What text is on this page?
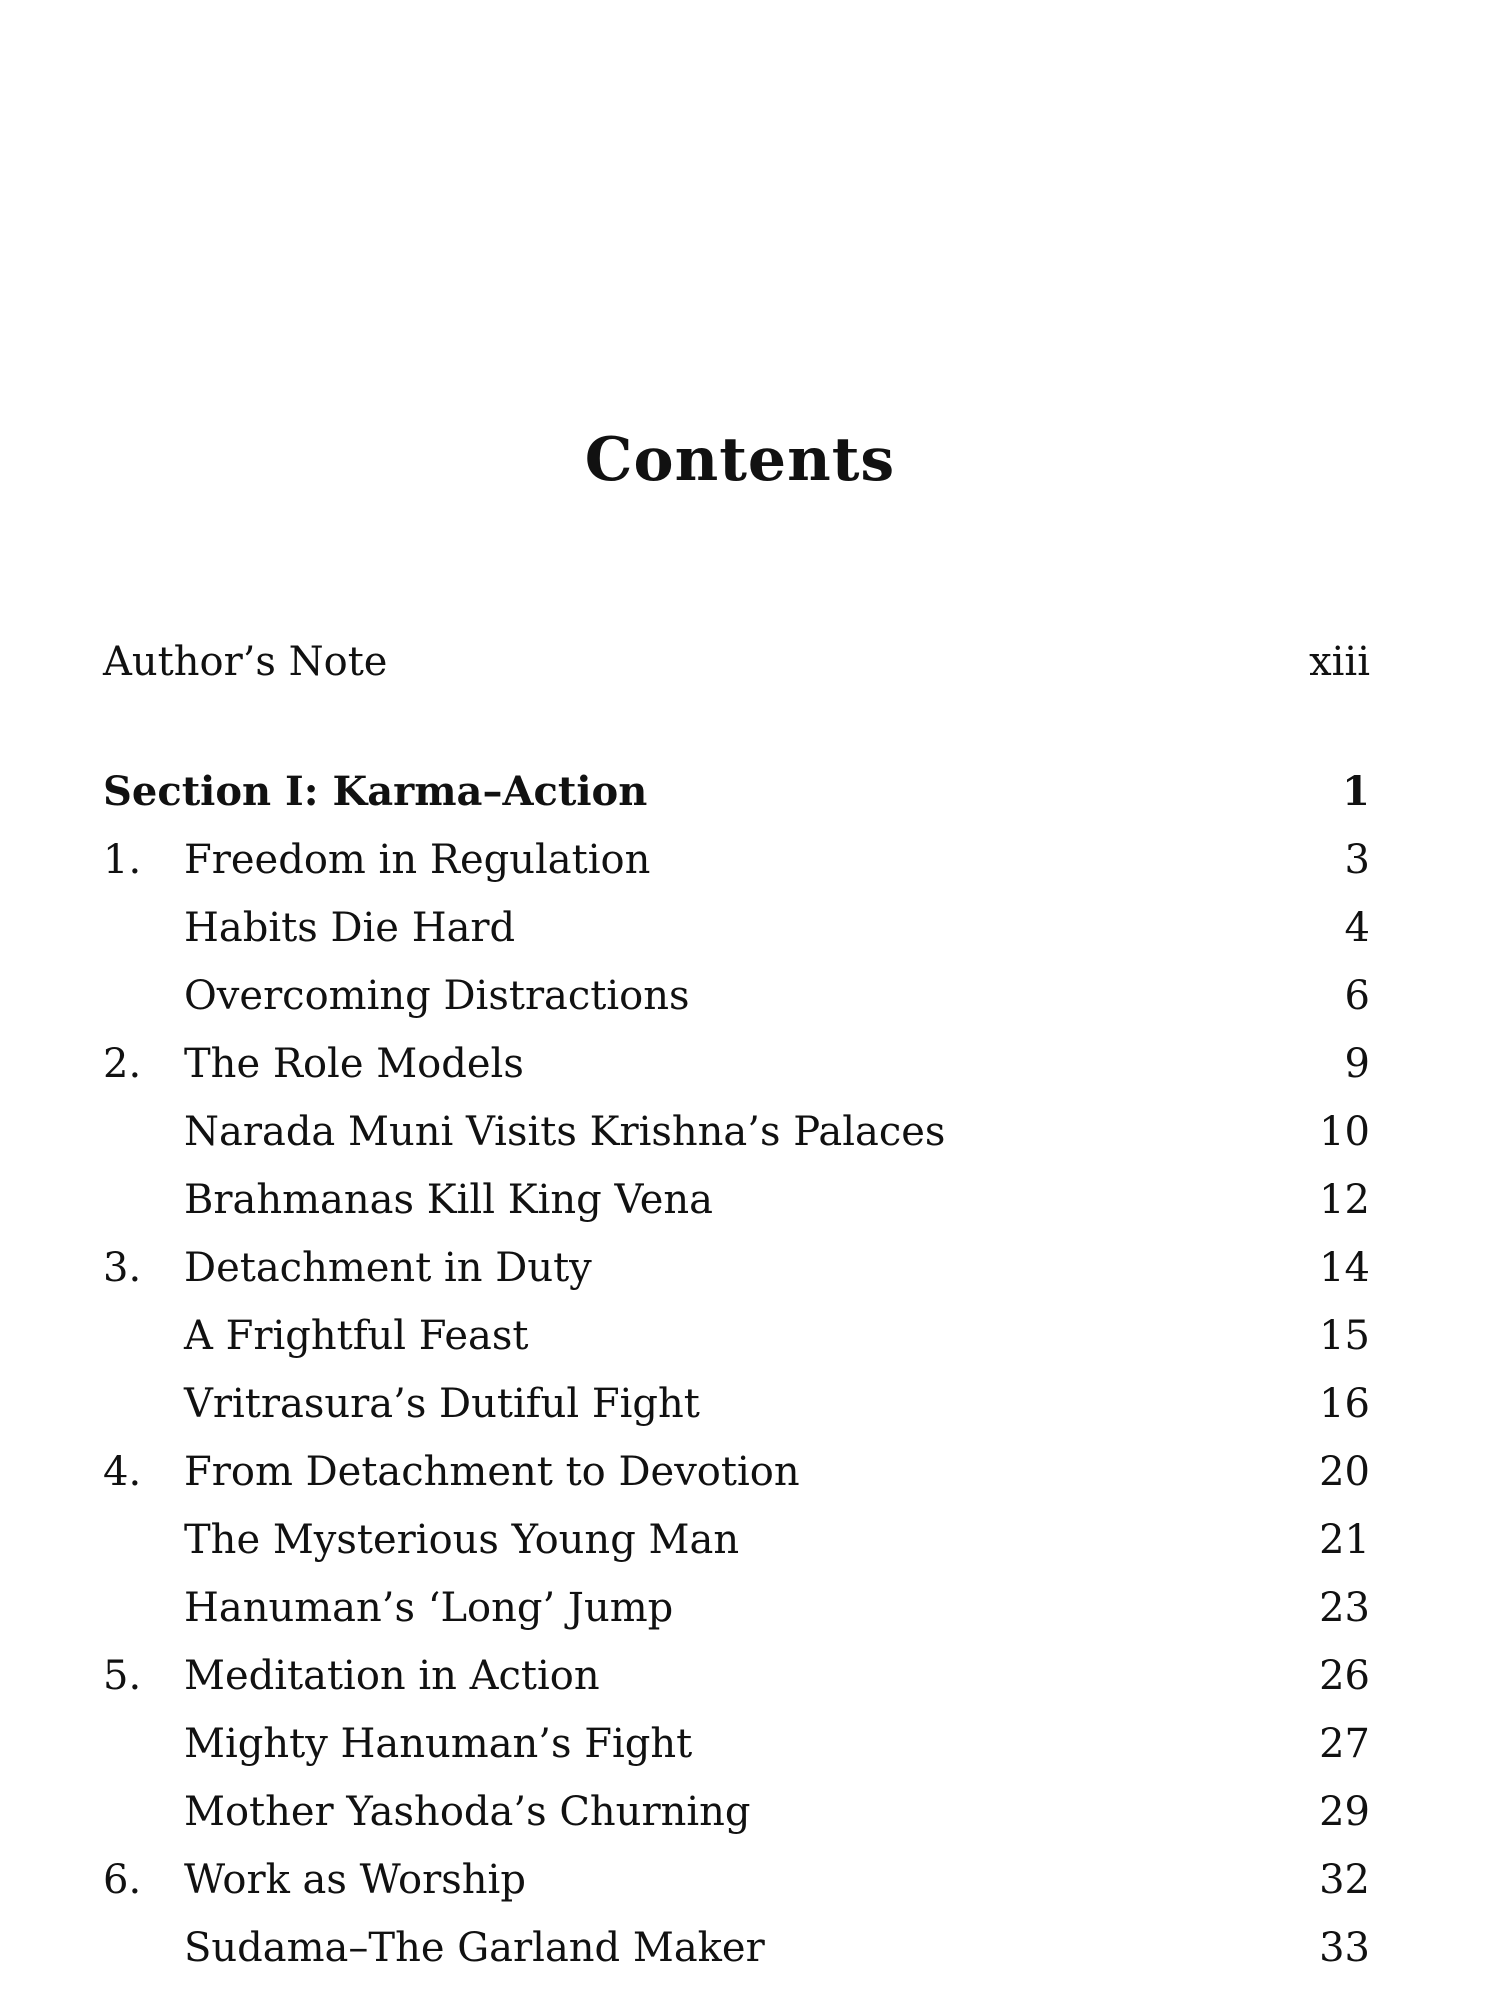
Contents
Author’s Note	xiii
Section I: Karma–Action	1
1.	Freedom in Regulation	3
Habits Die Hard	4
Overcoming Distractions	6
2.	The Role Models	9
Narada Muni Visits Krishna’s Palaces	10
Brahmanas Kill King Vena	12
3.	Detachment in Duty	14
A Frightful Feast	15
Vritrasura’s Dutiful Fight	16
4.	From Detachment to Devotion	20
The Mysterious Young Man	21
Hanuman’s ‘Long’ Jump	23
5.	Meditation in Action	26
Mighty Hanuman’s Fight	27
Mother Yashoda’s Churning	29
6.	Work as Worship	32
Sudama–The Garland Maker	33
